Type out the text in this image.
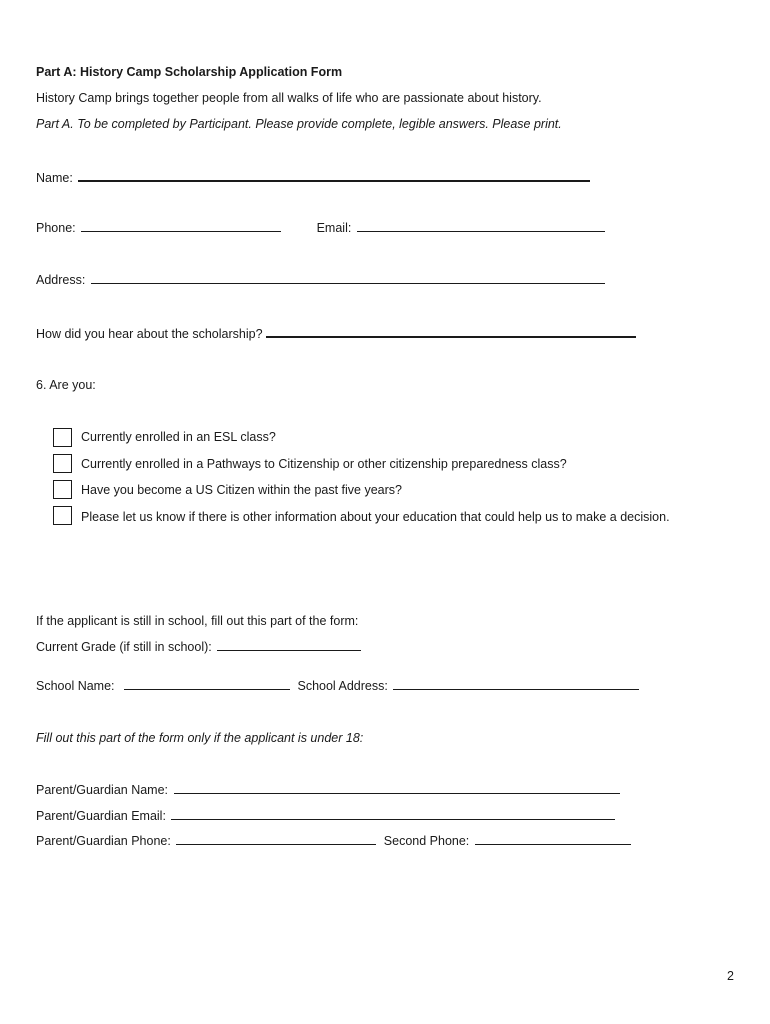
Part A: History Camp Scholarship Application Form
History Camp brings together people from all walks of life who are passionate about history.
Part A. To be completed by Participant. Please provide complete, legible answers. Please print.
Name:
Phone:	Email:
Address:
How did you hear about the scholarship?
6. Are you:
Currently enrolled in an ESL class?
Currently enrolled in a Pathways to Citizenship or other citizenship preparedness class?
Have you become a US Citizen within the past five years?
Please let us know if there is other information about your education that could help us to make a decision.
If the applicant is still in school, fill out this part of the form:
Current Grade (if still in school):
School Name:	School Address:
Fill out this part of the form only if the applicant is under 18:
Parent/Guardian Name:
Parent/Guardian Email:
Parent/Guardian Phone:	Second Phone:
2
